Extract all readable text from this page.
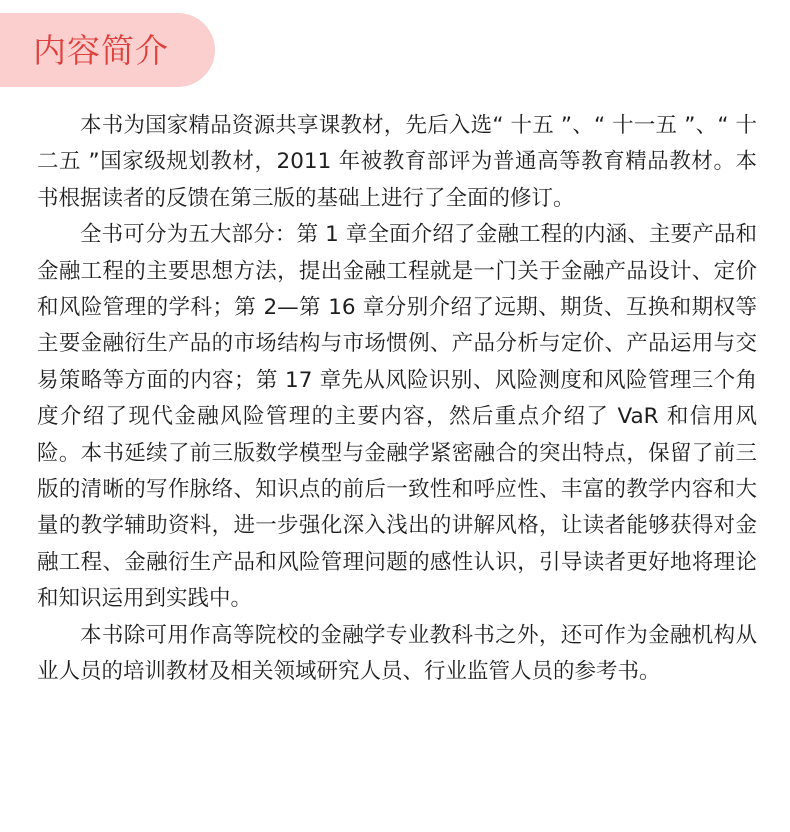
内容简介

本书为国家精品资源共享课教材，先后入选“ 十五 ”、“ 十一五 ”、“ 十二五 ”国家级规划教材，2011 年被教育部评为普通高等教育精品教材。本书根据读者的反馈在第三版的基础上进行了全面的修订。

全书可分为五大部分：第 1 章全面介绍了金融工程的内涵、主要产品和金融工程的主要思想方法，提出金融工程就是一门关于金融产品设计、定价和风险管理的学科；第 2—第 16 章分别介绍了远期、期货、互换和期权等主要金融衍生产品的市场结构与市场惯例、产品分析与定价、产品运用与交易策略等方面的内容；第 17 章先从风险识别、风险测度和风险管理三个角度介绍了现代金融风险管理的主要内容，然后重点介绍了 VaR 和信用风险。本书延续了前三版数学模型与金融学紧密融合的突出特点，保留了前三版的清晰的写作脉络、知识点的前后一致性和呼应性、丰富的教学内容和大量的教学辅助资料，进一步强化深入浅出的讲解风格，让读者能够获得对金融工程、金融衍生产品和风险管理问题的感性认识，引导读者更好地将理论和知识运用到实践中。

本书除可用作高等院校的金融学专业教科书之外，还可作为金融机构从业人员的培训教材及相关领域研究人员、行业监管人员的参考书。
